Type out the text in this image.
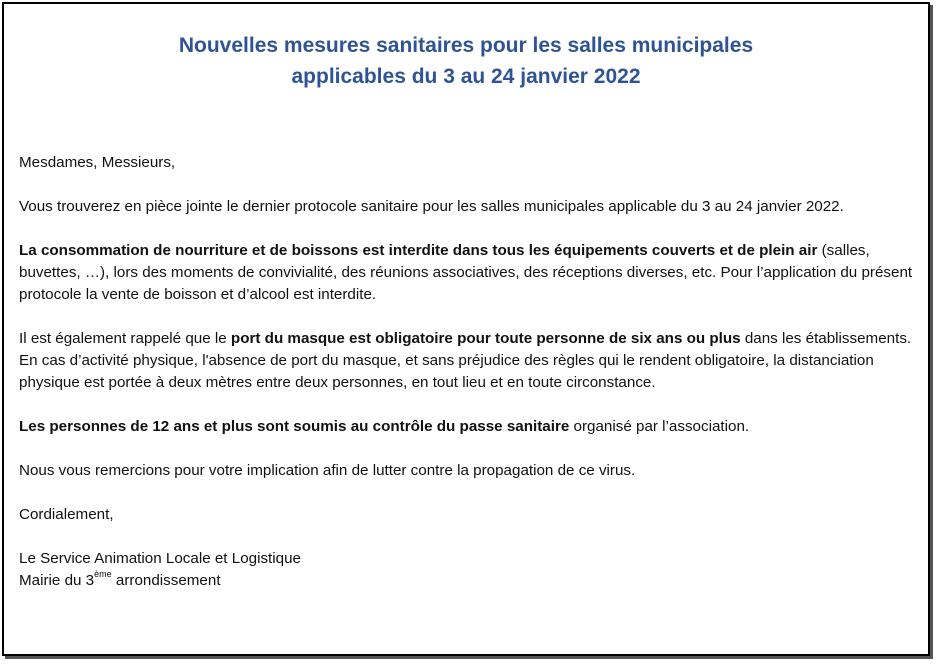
Nouvelles mesures sanitaires pour les salles municipales
applicables du 3 au 24 janvier 2022

Mesdames, Messieurs,

Vous trouverez en pièce jointe le dernier protocole sanitaire pour les salles municipales applicable du 3 au 24 janvier 2022.

La consommation de nourriture et de boissons est interdite dans tous les équipements couverts et de plein air (salles, buvettes, …), lors des moments de convivialité, des réunions associatives, des réceptions diverses, etc. Pour l’application du présent protocole la vente de boisson et d’alcool est interdite.

Il est également rappelé que le port du masque est obligatoire pour toute personne de six ans ou plus dans les établissements. En cas d’activité physique, l'absence de port du masque, et sans préjudice des règles qui le rendent obligatoire, la distanciation physique est portée à deux mètres entre deux personnes, en tout lieu et en toute circonstance.

Les personnes de 12 ans et plus sont soumis au contrôle du passe sanitaire organisé par l’association.

Nous vous remercions pour votre implication afin de lutter contre la propagation de ce virus.

Cordialement,

Le Service Animation Locale et Logistique

Mairie du 3ème arrondissement
